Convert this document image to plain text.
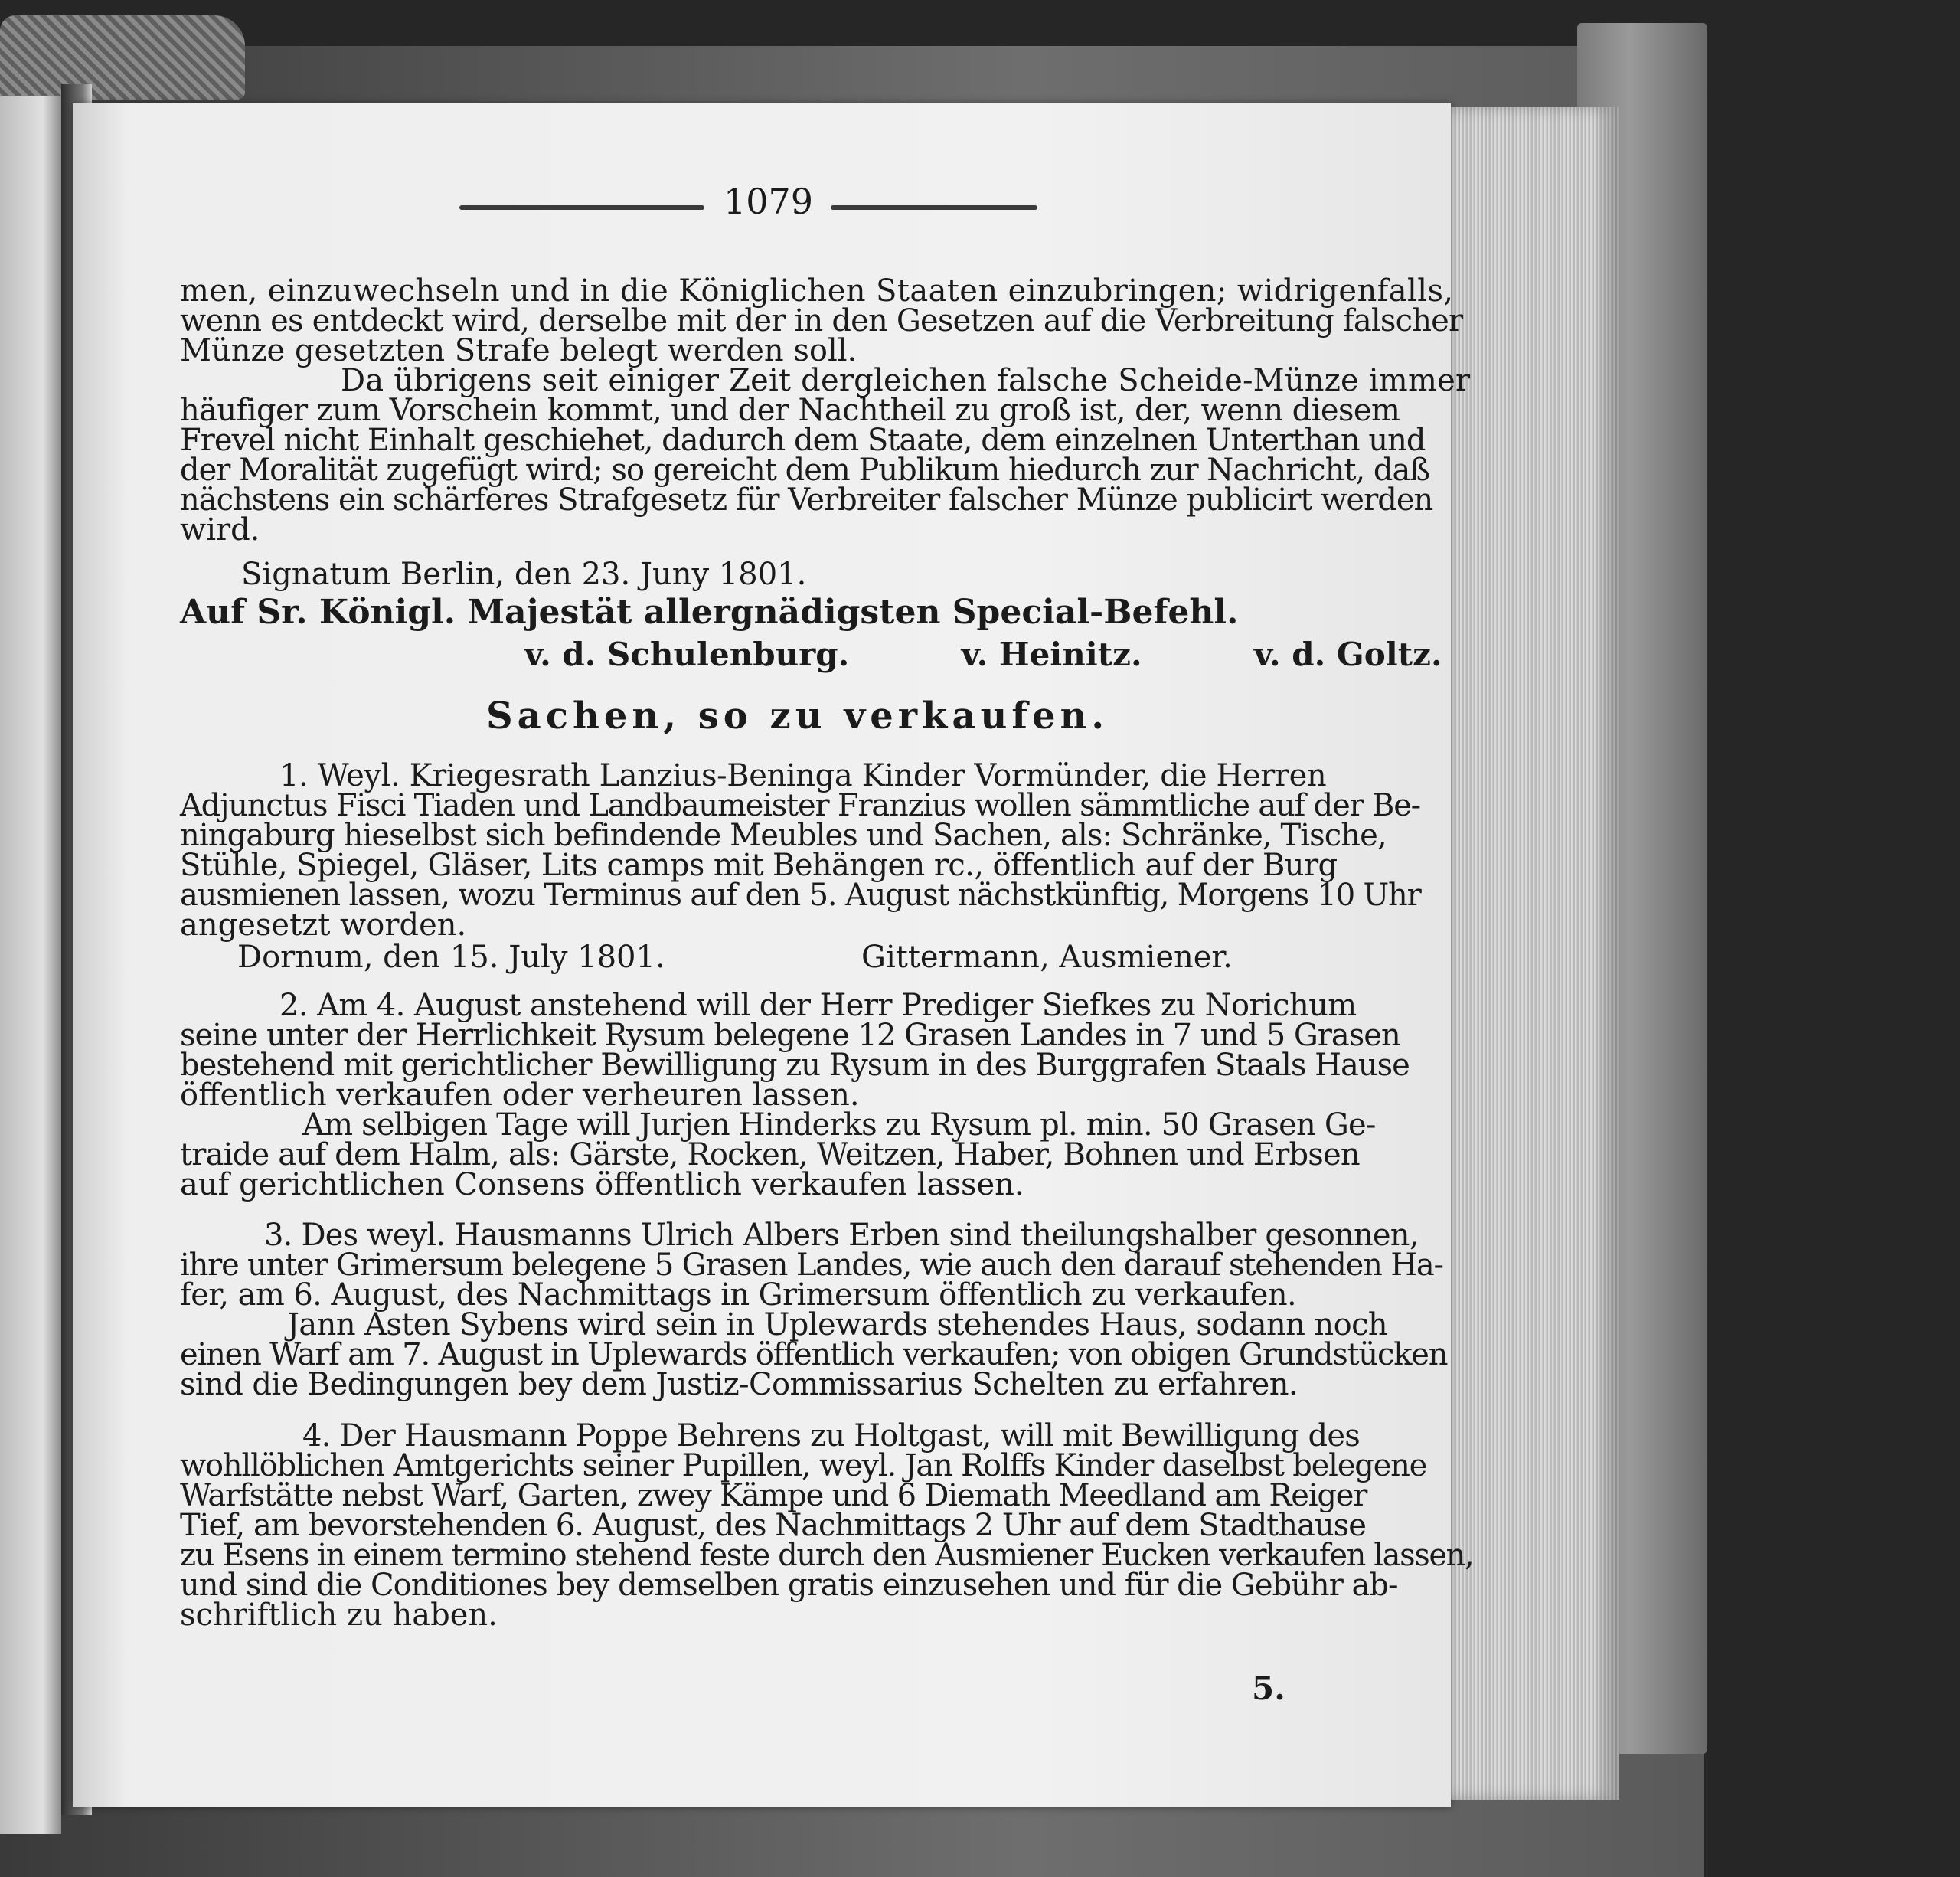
1079
men, einzuwechseln und in die Königlichen Staaten einzubringen; widrigenfalls,
wenn es entdeckt wird, derselbe mit der in den Gesetzen auf die Verbreitung falscher
Münze gesetzten Strafe belegt werden soll.
Da übrigens seit einiger Zeit dergleichen falsche Scheide-Münze immer
häufiger zum Vorschein kommt, und der Nachtheil zu groß ist, der, wenn diesem
Frevel nicht Einhalt geschiehet, dadurch dem Staate, dem einzelnen Unterthan und
der Moralität zugefügt wird; so gereicht dem Publikum hiedurch zur Nachricht, daß
nächstens ein schärferes Strafgesetz für Verbreiter falscher Münze publicirt werden
wird.
Signatum Berlin, den 23. Juny 1801.
Auf Sr. Königl. Majestät allergnädigsten Special-Befehl.
v. d. Schulenburg.          v. Heinitz.          v. d. Goltz.
Sachen, so zu verkaufen.
1. Weyl. Kriegesrath Lanzius-Beninga Kinder Vormünder, die Herren
Adjunctus Fisci Tiaden und Landbaumeister Franzius wollen sämmtliche auf der Be-
ningaburg hieselbst sich befindende Meubles und Sachen, als: Schränke, Tische,
Stühle, Spiegel, Gläser, Lits camps mit Behängen rc., öffentlich auf der Burg
ausmienen lassen, wozu Terminus auf den 5. August nächstkünftig, Morgens 10 Uhr
angesetzt worden.
Dornum, den 15. July 1801.	Gittermann, Ausmiener.
2. Am 4. August anstehend will der Herr Prediger Siefkes zu Norichum
seine unter der Herrlichkeit Rysum belegene 12 Grasen Landes in 7 und 5 Grasen
bestehend mit gerichtlicher Bewilligung zu Rysum in des Burggrafen Staals Hause
öffentlich verkaufen oder verheuren lassen.
Am selbigen Tage will Jurjen Hinderks zu Rysum pl. min. 50 Grasen Ge-
traide auf dem Halm, als: Gärste, Rocken, Weitzen, Haber, Bohnen und Erbsen
auf gerichtlichen Consens öffentlich verkaufen lassen.
3. Des weyl. Hausmanns Ulrich Albers Erben sind theilungshalber gesonnen,
ihre unter Grimersum belegene 5 Grasen Landes, wie auch den darauf stehenden Ha-
fer, am 6. August, des Nachmittags in Grimersum öffentlich zu verkaufen.
Jann Asten Sybens wird sein in Uplewards stehendes Haus, sodann noch
einen Warf am 7. August in Uplewards öffentlich verkaufen; von obigen Grundstücken
sind die Bedingungen bey dem Justiz-Commissarius Schelten zu erfahren.
4. Der Hausmann Poppe Behrens zu Holtgast, will mit Bewilligung des
wohllöblichen Amtgerichts seiner Pupillen, weyl. Jan Rolffs Kinder daselbst belegene
Warfstätte nebst Warf, Garten, zwey Kämpe und 6 Diemath Meedland am Reiger
Tief, am bevorstehenden 6. August, des Nachmittags 2 Uhr auf dem Stadthause
zu Esens in einem termino stehend feste durch den Ausmiener Eucken verkaufen lassen,
und sind die Conditiones bey demselben gratis einzusehen und für die Gebühr ab-
schriftlich zu haben.
5.
